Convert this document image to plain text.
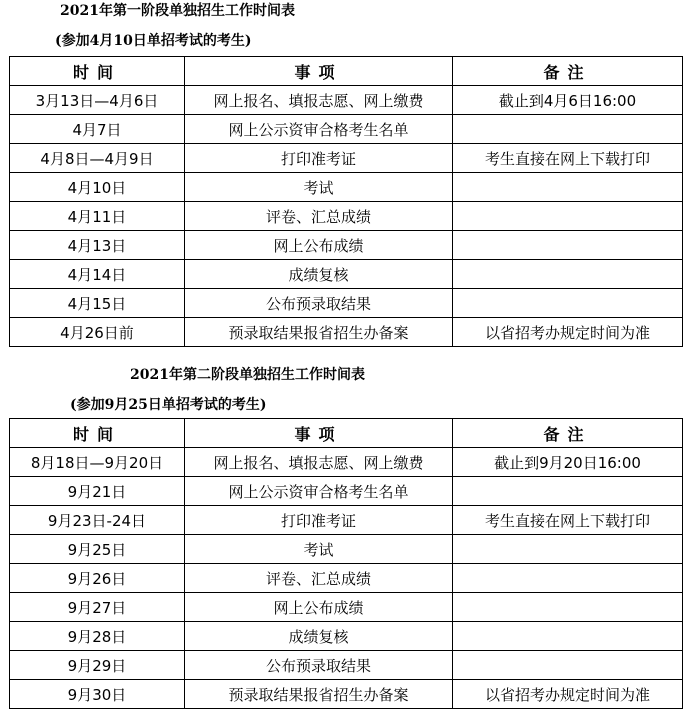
2021年第一阶段单独招生工作时间表
(参加4月10日单招考试的考生)
时间	事项	备注
3月13日—4月6日	网上报名、填报志愿、网上缴费	截止到4月6日16:00
4月7日	网上公示资审合格考生名单	
4月8日—4月9日	打印准考证	考生直接在网上下载打印
4月10日	考试	
4月11日	评卷、汇总成绩	
4月13日	网上公布成绩	
4月14日	成绩复核	
4月15日	公布预录取结果	
4月26日前	预录取结果报省招生办备案	以省招考办规定时间为准
2021年第二阶段单独招生工作时间表
(参加9月25日单招考试的考生)
时间	事项	备注
8月18日—9月20日	网上报名、填报志愿、网上缴费	截止到9月20日16:00
9月21日	网上公示资审合格考生名单	
9月23日-24日	打印准考证	考生直接在网上下载打印
9月25日	考试	
9月26日	评卷、汇总成绩	
9月27日	网上公布成绩	
9月28日	成绩复核	
9月29日	公布预录取结果	
9月30日	预录取结果报省招生办备案	以省招考办规定时间为准
